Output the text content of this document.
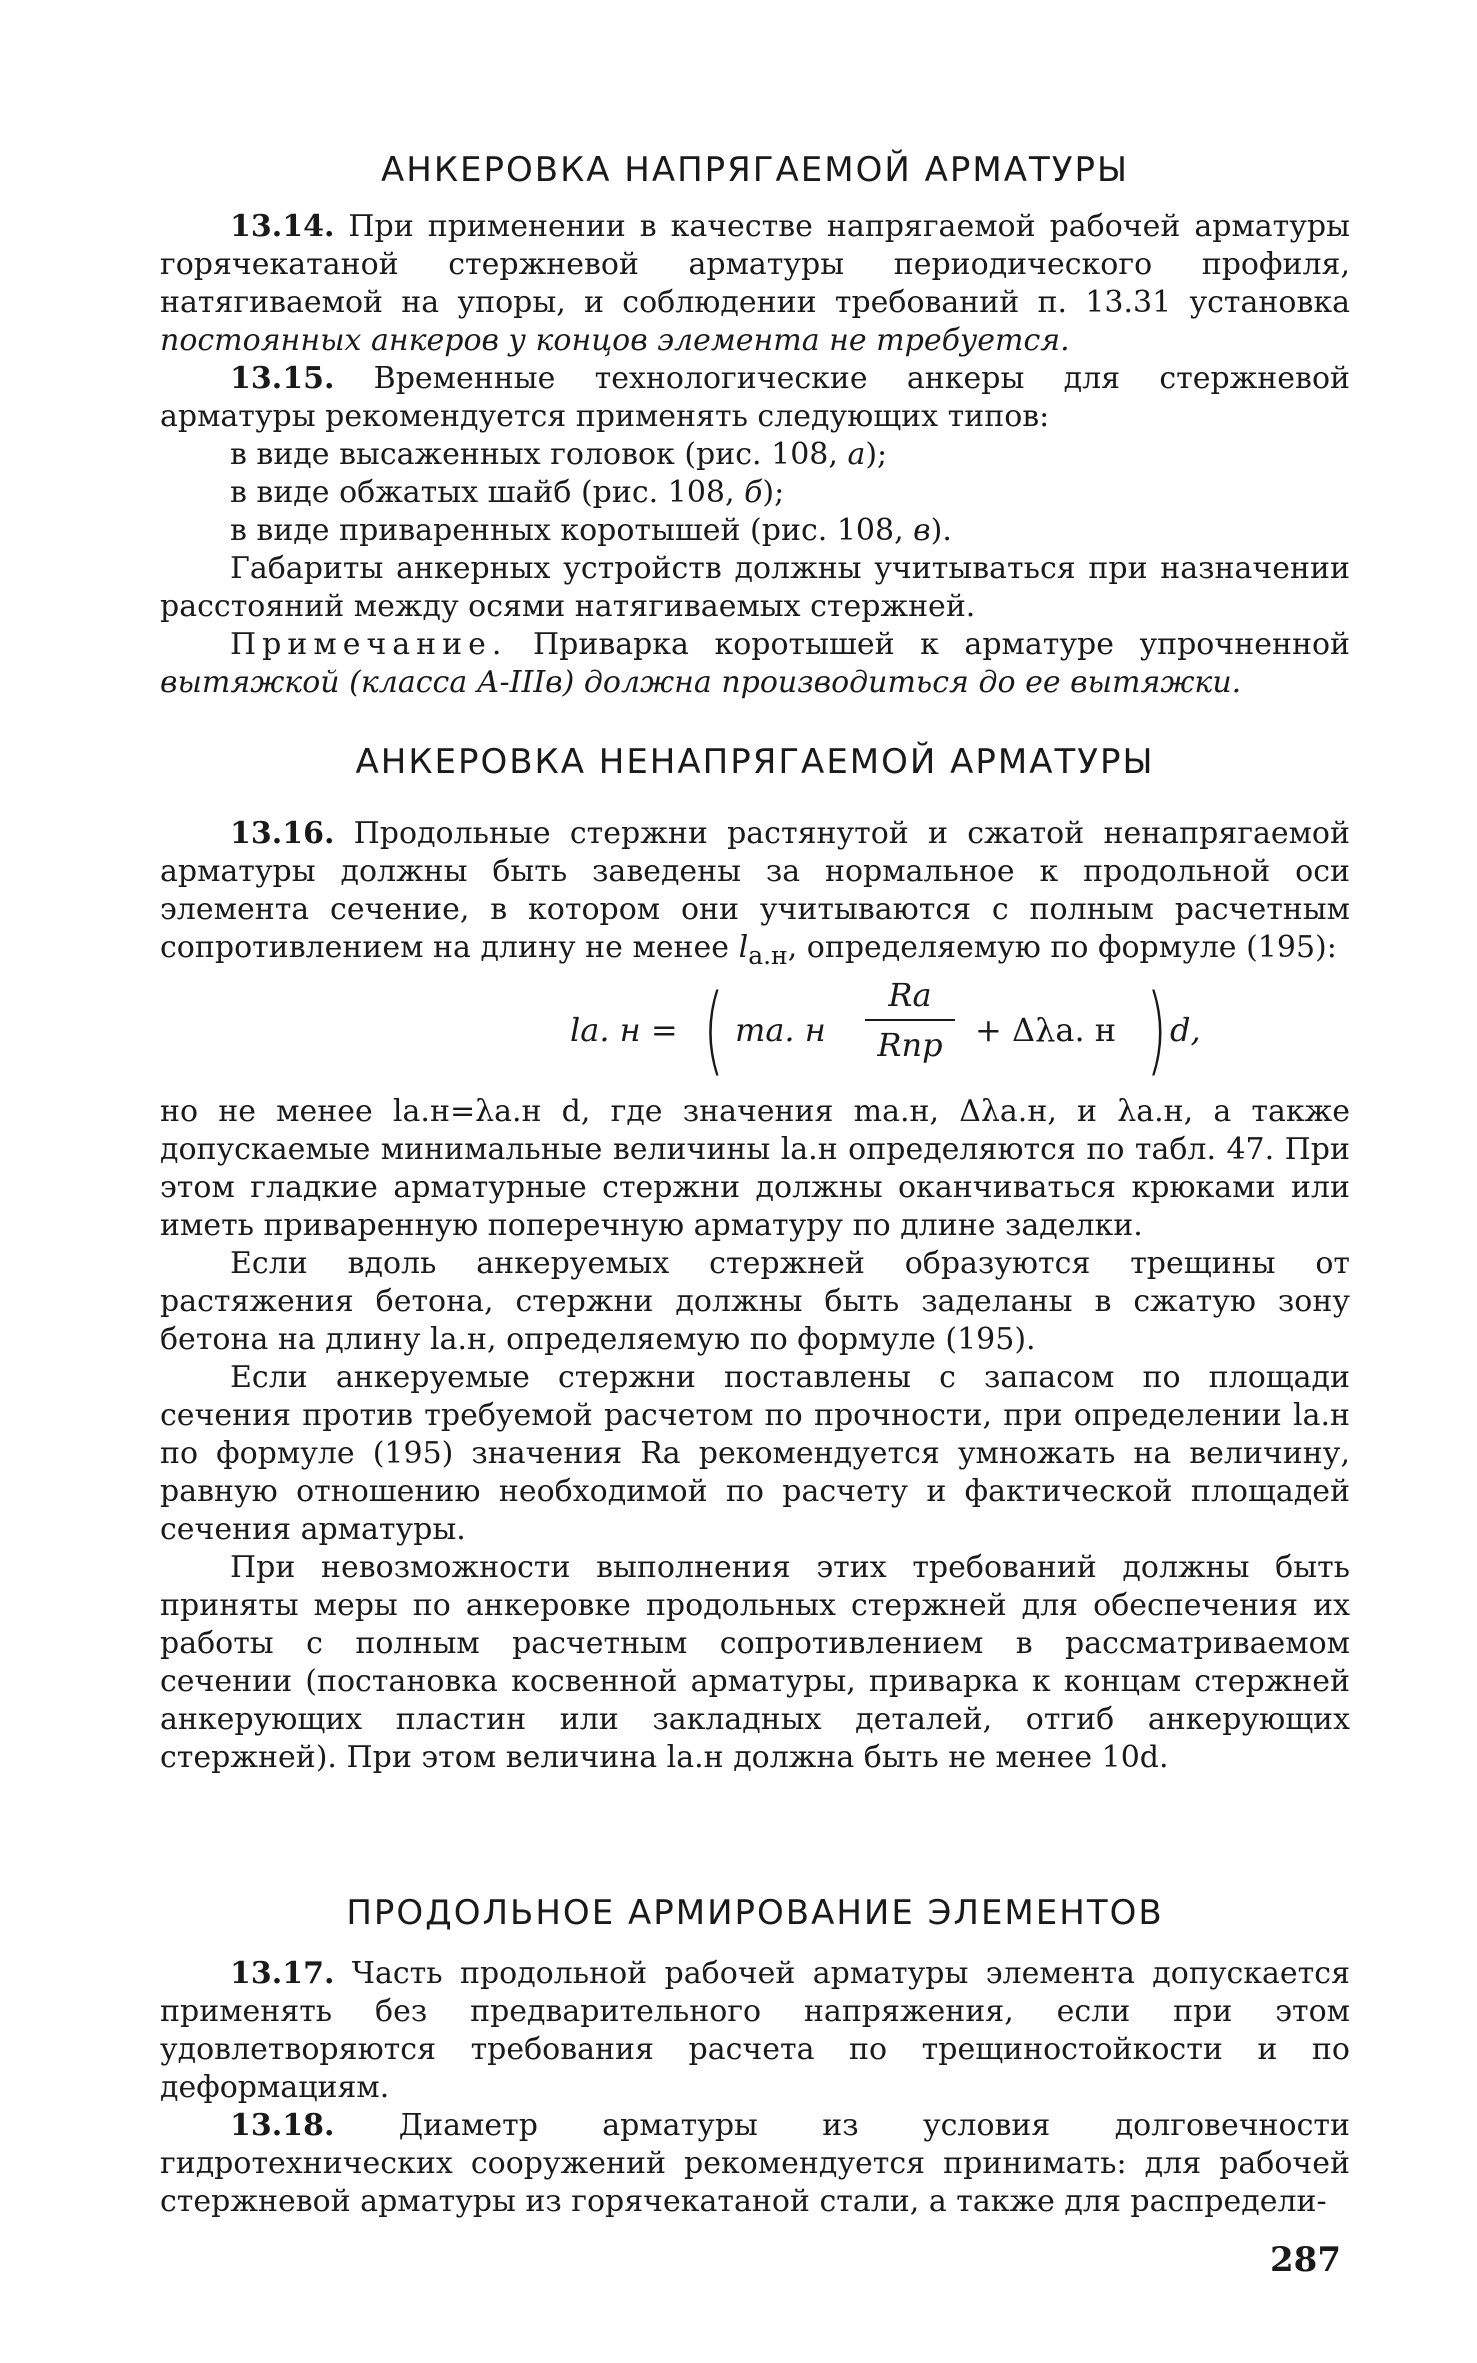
АНКЕРОВКА НАПРЯГАЕМОЙ АРМАТУРЫ

13.14. При применении в качестве напрягаемой рабочей арматуры горячекатаной стержневой арматуры периодического профиля, натягиваемой на упоры, и соблюдении требований п. 13.31 установка постоянных анкеров у концов элемента не требуется.

13.15. Временные технологические анкеры для стержневой арматуры рекомендуется применять следующих типов:

в виде высаженных головок (рис. 108, а);

в виде обжатых шайб (рис. 108, б);

в виде приваренных коротышей (рис. 108, в).

Габариты анкерных устройств должны учитываться при назначении расстояний между осями натягиваемых стержней.

Примечание. Приварка коротышей к арматуре упрочненной вытяжкой (класса А-IIIв) должна производиться до ее вытяжки.

АНКЕРОВКА НЕНАПРЯГАЕМОЙ АРМАТУРЫ

13.16. Продольные стержни растянутой и сжатой ненапрягаемой арматуры должны быть заведены за нормальное к продольной оси элемента сечение, в котором они учитываются с полным расчетным сопротивлением на длину не менее $l_{а.н}$, определяемую по формуле (195):

lа. н = ( mа. н
Rа
Rпр	+ Δλа. н ) d,

но не менее lа.н=λа.н d, где значения mа.н, Δλа.н, и λа.н, а также допускаемые минимальные величины lа.н определяются по табл. 47. При этом гладкие арматурные стержни должны оканчиваться крюками или иметь приваренную поперечную арматуру по длине заделки.

Если вдоль анкеруемых стержней образуются трещины от растяжения бетона, стержни должны быть заделаны в сжатую зону бетона на длину lа.н, определяемую по формуле (195).

Если анкеруемые стержни поставлены с запасом по площади сечения против требуемой расчетом по прочности, при определении lа.н по формуле (195) значения Rа рекомендуется умножать на величину, равную отношению необходимой по расчету и фактической площадей сечения арматуры.

При невозможности выполнения этих требований должны быть приняты меры по анкеровке продольных стержней для обеспечения их работы с полным расчетным сопротивлением в рассматриваемом сечении (постановка косвенной арматуры, приварка к концам стержней анкерующих пластин или закладных деталей, отгиб анкерующих стержней). При этом величина lа.н должна быть не менее 10d.

ПРОДОЛЬНОЕ АРМИРОВАНИЕ ЭЛЕМЕНТОВ

13.17. Часть продольной рабочей арматуры элемента допускается применять без предварительного напряжения, если при этом удовлетворяются требования расчета по трещиностойкости и по деформациям.

13.18. Диаметр арматуры из условия долговечности гидротехнических сооружений рекомендуется принимать: для рабочей стержневой арматуры из горячекатаной стали, а также для распредели-

287
